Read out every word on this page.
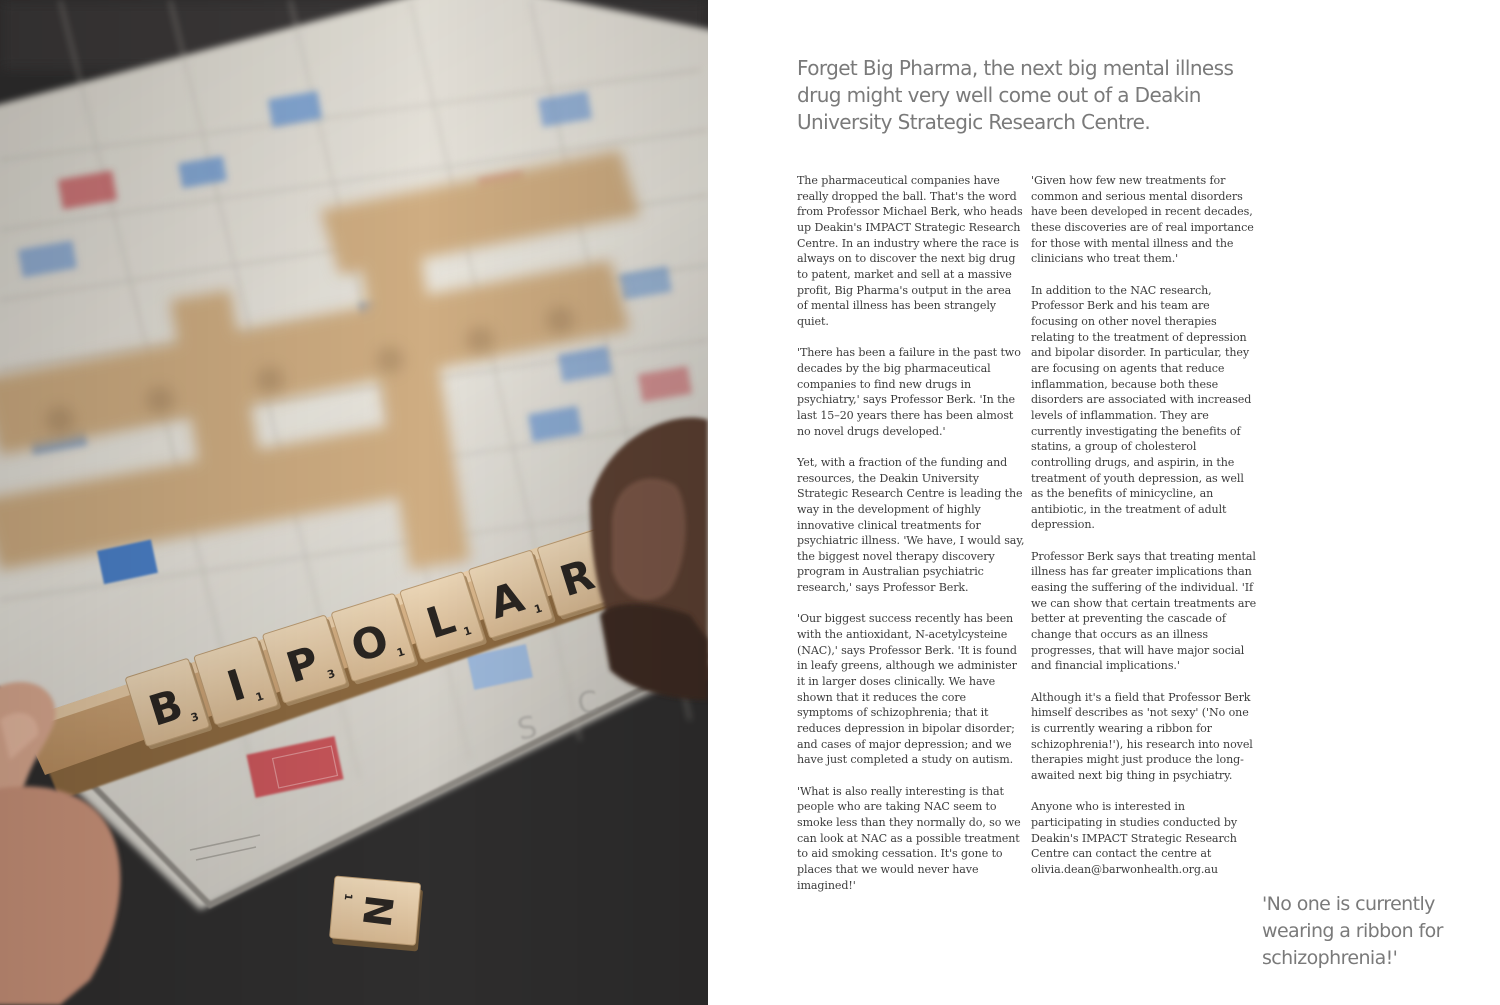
Forget Big Pharma, the next big mental illness drug might very well come out of a Deakin University Strategic Research Centre.

The pharmaceutical companies have really dropped the ball. That's the word from Professor Michael Berk, who heads up Deakin's IMPACT Strategic Research Centre. In an industry where the race is always on to discover the next big drug to patent, market and sell at a massive profit, Big Pharma's output in the area of mental illness has been strangely quiet.

'There has been a failure in the past two decades by the big pharmaceutical companies to find new drugs in psychiatry,' says Professor Berk. 'In the last 15–20 years there has been almost no novel drugs developed.'

Yet, with a fraction of the funding and resources, the Deakin University Strategic Research Centre is leading the way in the development of highly innovative clinical treatments for psychiatric illness. 'We have, I would say, the biggest novel therapy discovery program in Australian psychiatric research,' says Professor Berk.

'Our biggest success recently has been with the antioxidant, N-acetylcysteine (NAC),' says Professor Berk. 'It is found in leafy greens, although we administer it in larger doses clinically. We have shown that it reduces the core symptoms of schizophrenia; that it reduces depression in bipolar disorder; and cases of major depression; and we have just completed a study on autism.

'What is also really interesting is that people who are taking NAC seem to smoke less than they normally do, so we can look at NAC as a possible treatment to aid smoking cessation. It's gone to places that we would never have imagined!'

'Given how few new treatments for common and serious mental disorders have been developed in recent decades, these discoveries are of real importance for those with mental illness and the clinicians who treat them.'

In addition to the NAC research, Professor Berk and his team are focusing on other novel therapies relating to the treatment of depression and bipolar disorder. In particular, they are focusing on agents that reduce inflammation, because both these disorders are associated with increased levels of inflammation. They are currently investigating the benefits of statins, a group of cholesterol controlling drugs, and aspirin, in the treatment of youth depression, as well as the benefits of minicycline, an antibiotic, in the treatment of adult depression.

Professor Berk says that treating mental illness has far greater implications than easing the suffering of the individual. 'If we can show that certain treatments are better at preventing the cascade of change that occurs as an illness progresses, that will have major social and financial implications.'

Although it's a field that Professor Berk himself describes as 'not sexy' ('No one is currently wearing a ribbon for schizophrenia!'), his research into novel therapies might just produce the long-awaited next big thing in psychiatry.

Anyone who is interested in participating in studies conducted by Deakin's IMPACT Strategic Research Centre can contact the centre at olivia.dean@barwonhealth.org.au

'No one is currently wearing a ribbon for schizophrenia!'
